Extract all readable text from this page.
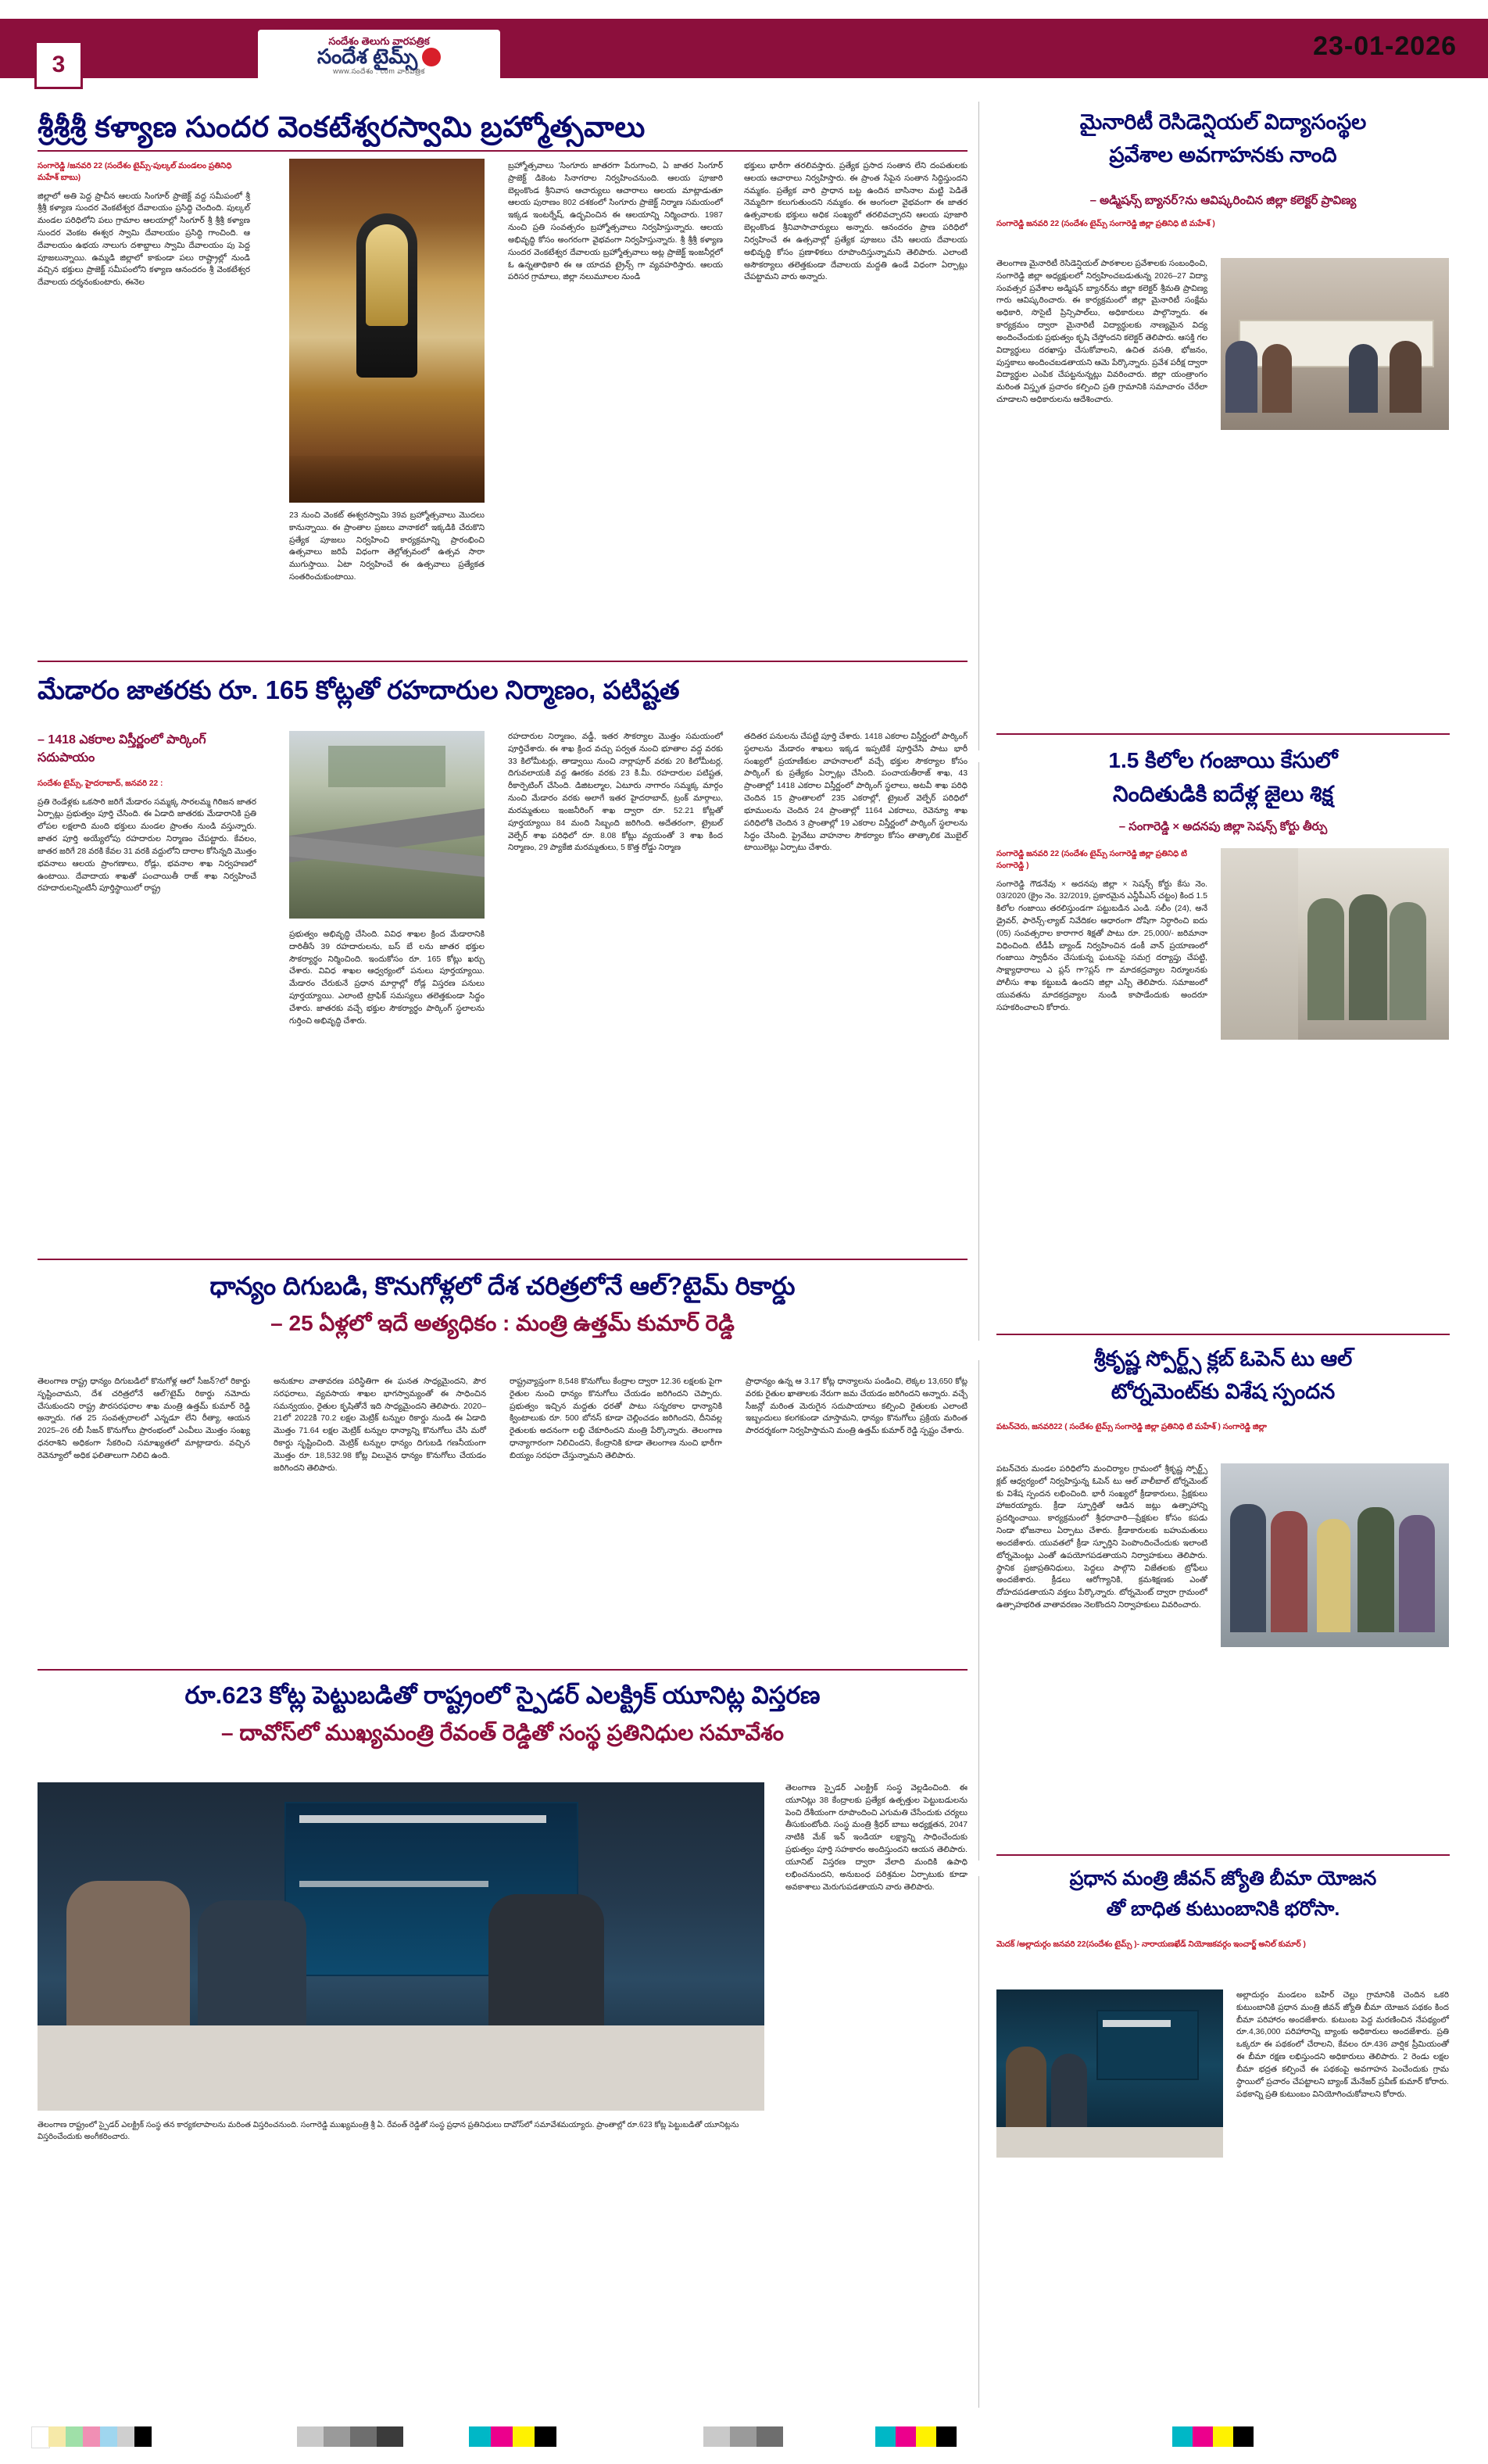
3
సందేశం తెలుగు వారపత్రిక
సందేశ టైమ్స్
www.సందేశం . com వారపత్రిక
23-01-2026
శ్రీశ్రీశ్రీ కళ్యాణ సుందర వెంకటేశ్వరస్వామి బ్రహ్మోత్సవాలు
సంగారెడ్డి /జనవరి 22 (సందేశం టైమ్స్-పుల్కల్ మండలం ప్రతినిధి మహేశ్ బాబు)
జిల్లాలో అతి పెద్ద ప్రాచీన ఆలయ సింగూర్ ప్రాజెక్ట్ వద్ద సమీపంలో శ్రీ శ్రీశ్రీ కళ్యాణ సుందర వెంకటేశ్వర దేవాలయం ప్రసిద్ధి చెందింది. పుల్కల్ మండల పరిధిలోని పలు గ్రామాల ఆలయాల్లో సింగూర్ శ్రీ శ్రీశ్రీ కళ్యాణ సుందర వెంకట ఈశ్వర స్వామి దేవాలయం ప్రసిద్ధి గాంచింది. ఆ దేవాలయం ఉభయ నాలుగు దశాబ్దాలు స్వామి దేవాలయం పు పెద్ద పూజలున్నాయి. ఉమ్మడి జిల్లాలో కాకుండా పలు రాష్ట్రాల్లో నుండి వచ్చిన భక్తులు ప్రాజెక్ట్ సమీపంలోని కళ్యాణ ఆనందరం శ్రీ వెంకటేశ్వర దేవాలయ దర్శనంకుంటారు, ఈనెల
23 నుంచి వెంకట్ ఈశ్వరస్వామి 39వ బ్రహ్మోత్సవాలు మొదలు కానున్నాయి. ఈ ప్రాంతాల ప్రజలు వానాకలో ఇక్కడికి చేరుకొని ప్రత్యేక పూజలు నిర్వహించి కార్యక్రమాన్ని ప్రారంభించి ఉత్సవాలు జరిపే విధంగా తెల్లోత్సవంలో ఉత్సవ సారా ముగుస్తాయి. ఏటా నిర్వహించే ఈ ఉత్సవాలు ప్రత్యేకత సంతరించుకుంటాయి.
బ్రహ్మోత్సవాలు 'సింగూరు జాతరగా పేరుగాంచి, ఏ జాతర సింగూర్ ప్రాజెక్ట్ డికెంట సినాగరాల నిర్వహించనుంది. ఆలయ పూజారి బెల్లంకొండ శ్రీనివాస ఆచార్యులు ఆచారాలు ఆలయ మాట్లాడుతూ ఆలయ పురాణం 802 దశకంలో సింగూరు ప్రాజెక్ట్ నిర్మాణ సమయంలో ఇక్కడ ఇంటర్నేష్, ఉద్భవించిన ఈ ఆలయాన్ని నిర్మించారు. 1987 నుంచి ప్రతి సంవత్సరం బ్రహ్మోత్సవాలు నిర్వహిస్తున్నారు. ఆలయ అభివృద్ధి కోసం అంగరంగా వైభవంగా నిర్వహిస్తున్నారు. శ్రీ శ్రీశ్రీ కళ్యాణ సుందర వెంకటేశ్వర దేవాలయ బ్రహ్మోత్సవాలు అట్ల ప్రాజెక్ట్ ఇంజనీర్లలో ఓ ఉన్నతాధికారి ఈ ఆ యాదవ ట్రైన్స్ గా వ్యవహరిస్తారు. ఆలయ పరిసర గ్రామాలు, జిల్లా నలుమూలల నుండి
భక్తులు భారీగా తరలివస్తారు. ప్రత్యేక ప్రసాద సంతాన లేని దంపతులకు ఆలయ ఆచారాలు నిర్వహిస్తారు. ఈ ప్రాంత సేపైన సంతాన సిద్ధిస్తుందని నమ్మకం. ప్రత్యేక వారి ప్రాధాన బట్ట ఉందిన బాసినాల మట్టి పెడితే నెమ్మదిగా కలుగుతుందని నమ్మకం. ఈ అంగంలా వైభవంగా ఈ జాతర ఉత్సవాలకు భక్తులు అధిక సంఖ్యలో తరలివచ్చారని ఆలయ పూజారి బెల్లంకొండ శ్రీనివాసాచార్యులు అన్నారు. ఆనందరం ప్రాణ పరిధిలో నిర్వహించే ఈ ఉత్సవాల్లో ప్రత్యేక పూజలు చేసి ఆలయ దేవాలయ అభివృద్ధి కోసం ప్రణాళికలు రూపొందిస్తున్నామని తెలిపారు. ఎలాంటి అసౌకర్యాలు తలెత్తకుండా దేవాలయ మద్దతి ఉండే విధంగా ఏర్పాట్లు చేపట్టామని వారు అన్నారు.
మేడారం జాతరకు రూ. 165 కోట్లతో రహదారుల నిర్మాణం, పటిష్టత
– 1418 ఎకరాల విస్తీర్ణంలో పార్కింగ్ సదుపాయం
సందేశం టైమ్స్, హైదరాబాద్, జనవరి 22 :
ప్రతి రెండేళ్లకు ఒకసారి జరిగే మేడారం సమ్మక్క సారలమ్మ గిరిజన జాతర ఏర్పాట్లు ప్రభుత్వం పూర్తి చేసింది. ఈ ఏడాది జాతరకు మేడారానికి ప్రతి లోపల లక్షలాది మంది భక్తులు మండల ప్రాంతం నుండి వస్తున్నారు. జాతర పూర్తి అయ్యేలోపు రహదారుల నిర్మాణం చేపట్టారు. కేవలం, జాతర జరిగే 28 వరకి కేవల 31 వరకి వద్దులోని దారాల కోసిన్నది మొత్తం భవనాలు ఆలయ ప్రాంగణాలు, రోడ్లు, భవనాల శాఖ నిర్వహణలో ఉంటాయి. దేవాదాయ శాఖతో పంచాయితీ రాజ్ శాఖ నిర్వహించే రహదారులన్నింటినీ పూర్తిస్థాయిలో రాష్ట్ర
ప్రభుత్వం అభివృద్ధి చేసింది. వివిధ శాఖల క్రింద మేడారానికి దారితీసే 39 రహదారులను, బస్ బే లను జాతర భక్తుల సౌకర్యార్థం నిర్మించింది. ఇందుకోసం రూ. 165 కోట్లు ఖర్చు చేశారు. వివిధ శాఖల ఆధ్వర్యంలో పనులు పూర్తయ్యాయి. మేడారం చేరుకునే ప్రధాన మార్గాల్లో రోడ్ల విస్తరణ పనులు పూర్తయ్యాయి. ఎలాంటి ట్రాఫిక్ సమస్యలు తలెత్తకుండా సిద్ధం చేశారు. జాతరకు వచ్చే భక్తుల సౌకర్యార్థం పార్కింగ్ స్థలాలను గుర్తించి అభివృద్ధి చేశారు.
రహదారుల నిర్మాణం, వడ్డీ, ఇతర సౌకర్యాల మొత్తం సమయంలో పూర్తిచేశారు. ఈ శాఖ క్రింద వచ్చు పర్వత నుంచి భూతాల వద్ద వరకు 33 కిలోమీటర్లు, తాడ్వాయి నుంచి నార్లాపూర్ వరకు 20 కిలోమీటర్ల, దిగువలాయకి వద్ద ఊరకం వరకు 23 కి.మీ. రహదారుల పటిష్టత, రీకార్పెటింగ్ చేసింది. డిజిటల్మాల, ఏటూరు నాగారం సమ్మక్క మార్గం నుంచి మేడారం వరకు అలాగే ఇతర హైదరాబాద్, ట్రంక్ మార్గాలు, మరమ్మతులు ఇంజనీరింగ్ శాఖ ద్వారా రూ. 52.21 కోట్లతో పూర్తయ్యాయి 84 మంది సిబ్బంది జరిగింది. అదేతరంగా, ట్రైబల్ వెల్ఫేర్ శాఖ పరిధిలో రూ. 8.08 కోట్లు వ్యయంతో 3 శాఖ కింద నిర్మాణం, 29 ప్యాకేజి మరమ్మతులు, 5 కొత్త రోడ్డు నిర్మాణ
తదితర పనులను చేపట్టి పూర్తి చేశారు. 1418 ఎకరాల విస్తీర్ణంలో పార్కింగ్ స్థలాలను మేడారం శాఖలు ఇక్కడ ఇప్పటికే పూర్తిచేసి పాటు భారీ సంఖ్యలో ప్రయాణీకుల వాహనాలలో వచ్చే భక్తుల సౌకర్యాల కోసం పార్కింగ్ కు ప్రత్యేకం ఏర్పాట్లు చేసింది. పంచాయతీరాజ్ శాఖ, 43 ప్రాంతాల్లో 1418 ఎకరాల విస్తీర్ణంలో పార్కింగ్ స్థలాలు, అటవీ శాఖ పరిధి చెందిన 15 ప్రాంతాలలో 235 ఎకరాల్లో, ట్రైబల్ వెల్ఫేర్ పరిధిలో భూములను చెందిన 24 ప్రాంతాల్లో 1164 ఎకరాలు, రెవెన్యూ శాఖ పరిధిలోకి చెందిన 3 ప్రాంతాల్లో 19 ఎకరాల విస్తీర్ణంలో పార్కింగ్ స్థలాలను సిద్ధం చేసింది. ప్రైవేటు వాహనాల సౌకర్యాల కోసం తాత్కాలిక మొబైల్ టాయిలెట్లు ఏర్పాటు చేశారు.
ధాన్యం దిగుబడి, కొనుగోళ్లలో దేశ చరిత్రలోనే ఆల్?టైమ్ రికార్డు
– 25 ఏళ్లలో ఇదే అత్యధికం : మంత్రి ఉత్తమ్ కుమార్ రెడ్డి
తెలంగాణ రాష్ట్ర ధాన్యం దిగుబడిలో కొనుగోళ్ల ఆలో సీజన్?లో రికార్డు సృష్టించామని, దేశ చరిత్రలోనే ఆల్?టైమ్ రికార్డు నమోదు చేసుకుందని రాష్ట్ర పౌరసరఫరాల శాఖ మంత్రి ఉత్తమ్ కుమార్ రెడ్డి అన్నారు. గత 25 సంవత్సరాలలో ఎన్నడూ లేని రీత్యా, ఆయన 2025–26 రబీ సీజన్ కొనుగోలు ప్రారంభంలో ఎంవీలు మొత్తం సంఖ్య ధనరాశిని అధికంగా సేకరించి సమాఖ్యతలో మాట్లాడారు. వచ్చిన రెవెన్యూలో అధిక ఫలితాలుగా నిలిచి ఉంది.
అనుకూల వాతావరణ పరిస్థితిగా ఈ ఘనత సాధ్యమైందని, పౌర సరఫరాలు, వ్యవసాయ శాఖల భాగస్వామ్యంతో ఈ సాధించిన సమన్వయం, రైతుల కృషితోనే ఇది సాధ్యమైందని తెలిపారు. 2020–21లో 2022కి 70.2 లక్షల మెట్రిక్ టన్నుల రికార్డు నుండి ఈ ఏడాది మొత్తం 71.64 లక్షల మెట్రిక్ టన్నుల ధాన్యాన్ని కొనుగోలు చేసి మరో రికార్డు సృష్టించింది. మెట్రిక్ టన్నుల ధాన్యం దిగుబడి గణనీయంగా మొత్తం రూ. 18,532.98 కోట్ల విలువైన ధాన్యం కొనుగోలు చేయడం జరిగిందని తెలిపారు.
రాష్ట్రవ్యాప్తంగా 8,548 కొనుగోలు కేంద్రాల ద్వారా 12.36 లక్షలకు పైగా రైతుల నుంచి ధాన్యం కొనుగోలు చేయడం జరిగిందని చెప్పారు. ప్రభుత్వం ఇచ్చిన మద్దతు ధరతో పాటు సన్నరకాల ధాన్యానికి క్వింటాలుకు రూ. 500 బోనస్ కూడా చెల్లించడం జరిగిందని, దీనివల్ల రైతులకు అదనంగా లబ్ధి చేకూరిందని మంత్రి పేర్కొన్నారు. తెలంగాణ ధాన్యాగారంగా నిలిచిందని, కేంద్రానికి కూడా తెలంగాణ నుంచి భారీగా బియ్యం సరఫరా చేస్తున్నామని తెలిపారు.
ప్రాధాన్యం ఉన్న ఆ 3.17 కోట్ల ధాన్యాలను పండించి, లెక్కల 13,650 కోట్ల వరకు రైతుల ఖాతాలకు నేరుగా జమ చేయడం జరిగిందని అన్నారు. వచ్చే సీజన్లో మరింత మెరుగైన సదుపాయాలు కల్పించి రైతులకు ఎలాంటి ఇబ్బందులు కలగకుండా చూస్తామని, ధాన్యం కొనుగోలు ప్రక్రియ మరింత పారదర్శకంగా నిర్వహిస్తామని మంత్రి ఉత్తమ్ కుమార్ రెడ్డి స్పష్టం చేశారు.
రూ.623 కోట్ల పెట్టుబడితో రాష్ట్రంలో స్పైడర్ ఎలక్ట్రిక్ యూనిట్ల విస్తరణ
– దావోస్‌లో ముఖ్యమంత్రి రేవంత్ రెడ్డితో సంస్థ ప్రతినిధుల సమావేశం
తెలంగాణ రాష్ట్రంలో స్పైడర్ ఎలక్ట్రిక్ సంస్థ తన కార్యకలాపాలను మరింత విస్తరించనుంది. సంగారెడ్డి ముఖ్యమంత్రి శ్రీ ఏ. రేవంత్ రెడ్డితో సంస్థ ప్రధాన ప్రతినిధులు దావోస్‌లో సమావేశమయ్యారు. ప్రాంతాల్లో రూ.623 కోట్ల పెట్టుబడితో యూనిట్లను విస్తరించేందుకు అంగీకరించారు.
తెలంగాణ స్పైడర్ ఎలక్ట్రిక్ సంస్థ వెల్లడించింది. ఈ యూనిట్లు 38 కేంద్రాలకు ప్రత్యేక ఉత్పత్తుల పెట్టుబడులను పెంచి దేశీయంగా రూపొందించి ఎగుమతి చేసేందుకు చర్యలు తీసుకుంటోంది. సంస్థ మంత్రి శ్రీధర్ బాబు అధ్యక్షతన, 2047 నాటికి మేక్ ఇన్ ఇండియా లక్ష్యాన్ని సాధించేందుకు ప్రభుత్వం పూర్తి సహకారం అందిస్తుందని ఆయన తెలిపారు. యూనిట్ విస్తరణ ద్వారా వేలాది మందికి ఉపాధి లభించనుందని, అనుబంధ పరిశ్రమల ఏర్పాటుకు కూడా అవకాశాలు మెరుగుపడతాయని వారు తెలిపారు.
మైనారిటీ రెసిడెన్షియల్ విద్యాసంస్థల
ప్రవేశాల అవగాహనకు నాంది
– అడ్మిషన్స్ బ్యానర్?ను ఆవిష్కరించిన జిల్లా కలెక్టర్ ప్రావిణ్య
సంగారెడ్డి జనవరి 22 (సందేశం టైమ్స్ సంగారెడ్డి జిల్లా ప్రతినిధి టి మహేశ్ )
తెలంగాణ మైనారిటీ రెసిడెన్షియల్ పాఠశాలల ప్రవేశాలకు సంబంధించి, సంగారెడ్డి జిల్లా అధ్యక్షులలో నిర్వహించబడుతున్న 2026–27 విద్యా సంవత్సర ప్రవేశాల అడ్మిషన్ బ్యానర్‌ను జిల్లా కలెక్టర్ శ్రీమతి ప్రావిణ్య గారు ఆవిష్కరించారు. ఈ కార్యక్రమంలో జిల్లా మైనారిటీ సంక్షేమ అధికారి, సొసైటీ ప్రిన్సిపాల్‌లు, అధికారులు పాల్గొన్నారు. ఈ కార్యక్రమం ద్వారా మైనారిటీ విద్యార్థులకు నాణ్యమైన విద్య అందించేందుకు ప్రభుత్వం కృషి చేస్తోందని కలెక్టర్ తెలిపారు. ఆసక్తి గల విద్యార్థులు దరఖాస్తు చేసుకోవాలని, ఉచిత వసతి, భోజనం, పుస్తకాలు అందించబడతాయని ఆమె పేర్కొన్నారు. ప్రవేశ పరీక్ష ద్వారా విద్యార్థుల ఎంపిక చేపట్టనున్నట్లు వివరించారు. జిల్లా యంత్రాంగం మరింత విస్తృత ప్రచారం కల్పించి ప్రతి గ్రామానికి సమాచారం చేరేలా చూడాలని అధికారులను ఆదేశించారు.
1.5 కిలోల గంజాయి కేసులో
నిందితుడికి ఐదేళ్ల జైలు శిక్ష
– సంగారెడ్డి × అదనపు జిల్లా సెషన్స్ కోర్టు తీర్పు
సంగారెడ్డి జనవరి 22 (సందేశం టైమ్స్ సంగారెడ్డి జిల్లా ప్రతినిధి టి సంగారెడ్డి )
సంగారెడ్డి గౌడనేవు × అదనపు జిల్లా × సెషన్స్ కోర్టు కేసు నెం. 03/2020 (క్రైం నెం. 32/2019, ప్రకారమైన ఎన్డీపీఎస్ చట్టం) కింద 1.5 కిలోల గంజాయి తరలిస్తుండగా పట్టుబడిన ఎండి. సలీం (24), అనే డ్రైవర్, ఫారెన్స్-ల్యాబ్ నివేదికల ఆధారంగా దోషిగా నిర్ధారించి ఐదు (05) సంవత్సరాల కారాగార శిక్షతో పాటు రూ. 25,000/- జరిమానా విధించింది. టీడీపీ బ్యాండ్ నిర్వహించిన డంకీ వాన్ ప్రయాణంలో గంజాయి స్వాధీనం చేసుకున్న ఘటనపై సమగ్ర దర్యాప్తు చేపట్టి, సాక్ష్యాధారాలు ఎ ప్లస్ గా?ప్లస్ గా మాదకద్రవ్యాల నిర్మూలనకు పోలీసు శాఖ కట్టుబడి ఉందని జిల్లా ఎస్పీ తెలిపారు. సమాజంలో యువతను మాదకద్రవ్యాల నుండి కాపాడేందుకు అందరూ సహకరించాలని కోరారు.
శ్రీకృష్ణ స్పోర్ట్స్ క్లబ్ ఓపెన్ టు ఆల్
టోర్నమెంట్‌కు విశేష స్పందన
పటన్‌చెరు, జనవరి22 ( సందేశం టైమ్స్ సంగారెడ్డి జిల్లా ప్రతినిధి టి మహేశ్ ) సంగారెడ్డి జిల్లా
పటన్‌చెరు మండల పరిధిలోని మంచిర్యాల గ్రామంలో శ్రీకృష్ణ స్పోర్ట్స్ క్లబ్ ఆధ్వర్యంలో నిర్వహిస్తున్న ఓపెన్ టు ఆల్ వాలీబాల్ టోర్నమెంట్ కు విశేష స్పందన లభించింది. భారీ సంఖ్యలో క్రీడాకారులు, ప్రేక్షకులు హాజరయ్యారు. క్రీడా స్ఫూర్తితో ఆడిన జట్లు ఉత్సాహాన్ని ప్రదర్శించాయి. కార్యక్రమంలో శ్రీధరాచారి—ప్రేక్షకుల కోసం కపడు నిండా భోజనాలు ఏర్పాటు చేశారు. క్రీడాకారులకు బహుమతులు అందజేశారు. యువతలో క్రీడా స్ఫూర్తిని పెంపొందించేందుకు ఇలాంటి టోర్నమెంట్లు ఎంతో ఉపయోగపడతాయని నిర్వాహకులు తెలిపారు. స్థానిక ప్రజాప్రతినిధులు, పెద్దలు పాల్గొని విజేతలకు ట్రోఫీలు అందజేశారు. క్రీడలు ఆరోగ్యానికి, క్రమశిక్షణకు ఎంతో దోహదపడతాయని వక్తలు పేర్కొన్నారు. టోర్నమెంట్ ద్వారా గ్రామంలో ఉత్సాహభరిత వాతావరణం నెలకొందని నిర్వాహకులు వివరించారు.
ప్రధాన మంత్రి జీవన్ జ్యోతి బీమా యోజన
తో బాధిత కుటుంబానికి భరోసా.
మెదక్ /అల్లాదుర్గం జనవరి 22(సందేశం టైమ్స్ )- నారాయణఖేడ్ నియోజకవర్గం ఇంచార్జ్ అనిల్ కుమార్ )
అల్లాదుర్గం మండలం బహిర్ చెల్లు గ్రామానికి చెందిన ఒకరి కుటుంబానికి ప్రధాన మంత్రి జీవన్ జ్యోతి బీమా యోజన పథకం కింద బీమా పరిహారం అందజేశారు. కుటుంబ పెద్ద మరణించిన నేపథ్యంలో రూ.4,36,000 పరిహారాన్ని బ్యాంకు అధికారులు అందజేశారు. ప్రతి ఒక్కరూ ఈ పథకంలో చేరాలని, కేవలం రూ.436 వార్షిక ప్రీమియంతో ఈ బీమా రక్షణ లభిస్తుందని అధికారులు తెలిపారు. 2 రెండు లక్షల బీమా భద్రత కల్పించే ఈ పథకంపై అవగాహన పెంచేందుకు గ్రామ స్థాయిలో ప్రచారం చేపట్టాలని బ్యాంక్ మేనేజర్ ప్రవీణ్ కుమార్ కోరారు. పథకాన్ని ప్రతి కుటుంబం వినియోగించుకోవాలని కోరారు.
